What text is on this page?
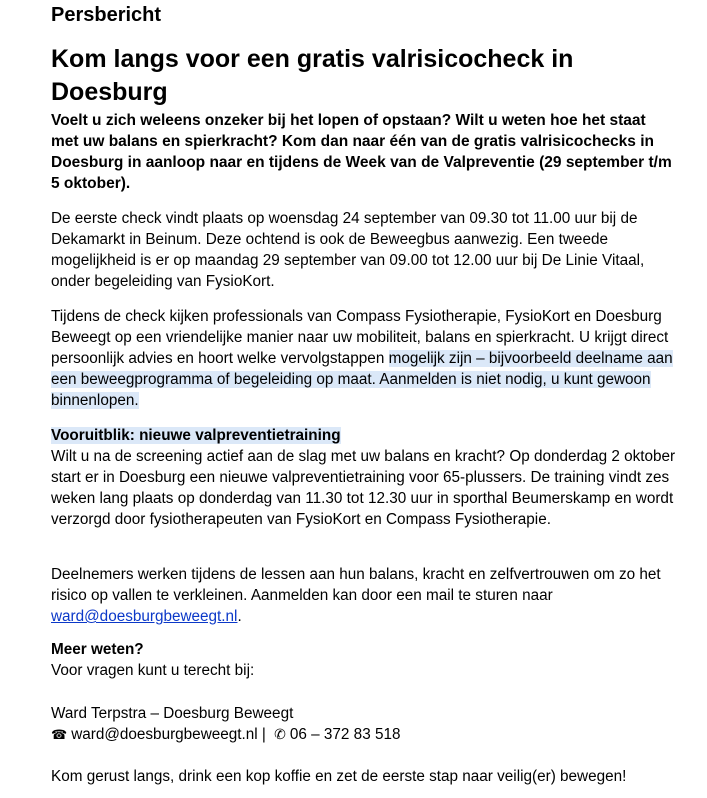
Persbericht

Kom langs voor een gratis valrisicocheck in Doesburg

Voelt u zich weleens onzeker bij het lopen of opstaan? Wilt u weten hoe het staat met uw balans en spierkracht? Kom dan naar één van de gratis valrisicochecks in Doesburg in aanloop naar en tijdens de Week van de Valpreventie (29 september t/m 5 oktober).

De eerste check vindt plaats op woensdag 24 september van 09.30 tot 11.00 uur bij de Dekamarkt in Beinum. Deze ochtend is ook de Beweegbus aanwezig. Een tweede mogelijkheid is er op maandag 29 september van 09.00 tot 12.00 uur bij De Linie Vitaal, onder begeleiding van FysioKort.

Tijdens de check kijken professionals van Compass Fysiotherapie, FysioKort en Doesburg Beweegt op een vriendelijke manier naar uw mobiliteit, balans en spierkracht. U krijgt direct persoonlijk advies en hoort welke vervolgstappen mogelijk zijn – bijvoorbeeld deelname aan een beweegprogramma of begeleiding op maat. Aanmelden is niet nodig, u kunt gewoon binnenlopen.

Vooruitblik: nieuwe valpreventietraining

Wilt u na de screening actief aan de slag met uw balans en kracht? Op donderdag 2 oktober start er in Doesburg een nieuwe valpreventietraining voor 65-plussers. De training vindt zes weken lang plaats op donderdag van 11.30 tot 12.30 uur in sporthal Beumerskamp en wordt verzorgd door fysiotherapeuten van FysioKort en Compass Fysiotherapie.

Deelnemers werken tijdens de lessen aan hun balans, kracht en zelfvertrouwen om zo het risico op vallen te verkleinen. Aanmelden kan door een mail te sturen naar ward@doesburgbeweegt.nl.

Meer weten?

Voor vragen kunt u terecht bij:

Ward Terpstra – Doesburg Beweegt

☎ ward@doesburgbeweegt.nl | ✆ 06 – 372 83 518

Kom gerust langs, drink een kop koffie en zet de eerste stap naar veilig(er) bewegen!
